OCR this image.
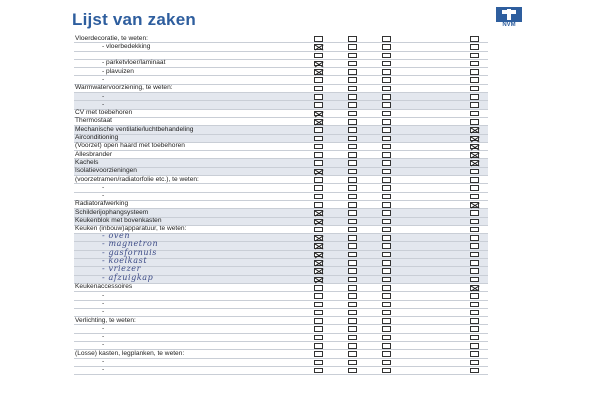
Lijst van zaken	NVM
Vloerdecoratie, te weten:
- vloerbedekking
- parketvloer/laminaat
- plavuizen
-
Warmwatervoorziening, te weten:
-
-
CV met toebehoren
Thermostaat
Mechanische ventilatie/luchtbehandeling
Airconditioning
(Voorzet) open haard met toebehoren
Allesbrander
Kachels
Isolatievoorzieningen
(voorzetramen/radiatorfolie etc.), te weten:
-
-
Radiatorafwerking
Schilderijophangsysteem
Keukenblok met bovenkasten
Keuken (inbouw)apparatuur, te weten:
- oven
- magnetron
- gasfornuis
- koelkast
- vriezer
- afzuigkap
Keukenaccessoires
-
-
-
Verlichting, te weten:
-
-
-
(Losse) kasten, legplanken, te weten:
-
-
